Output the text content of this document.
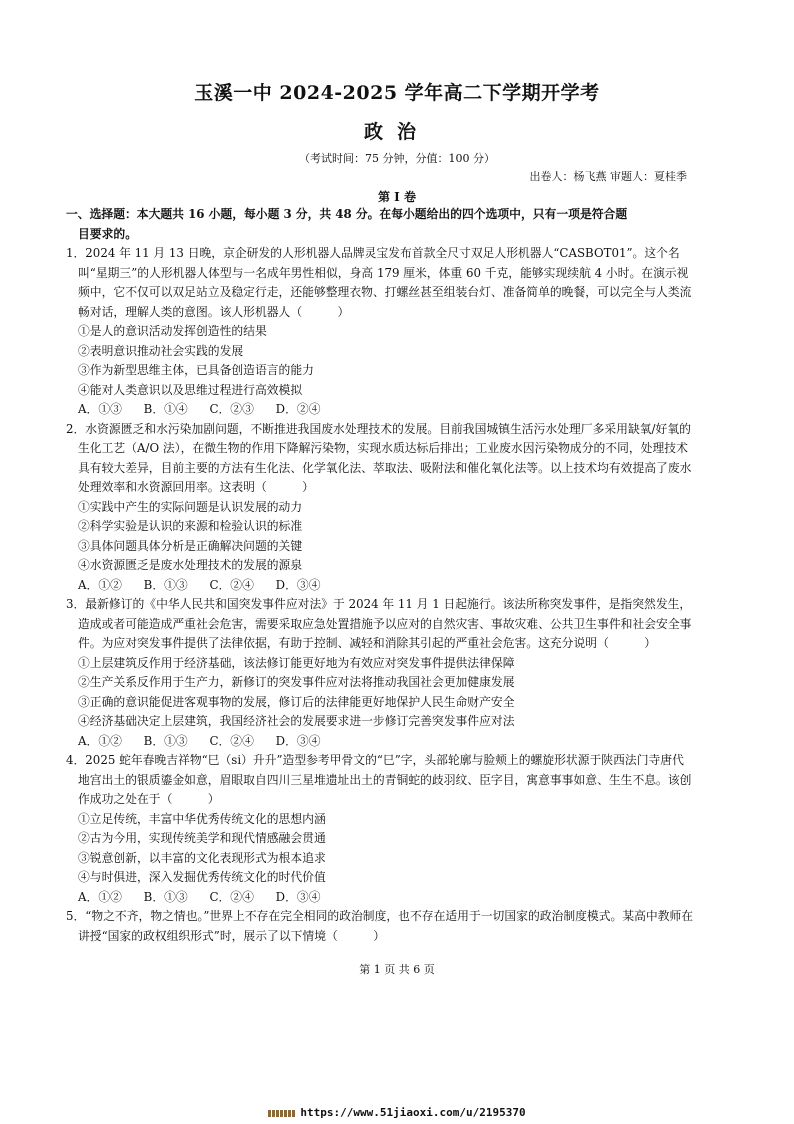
玉溪一中 2024-2025 学年高二下学期开学考
政治
（考试时间：75 分钟，分值：100 分）
出卷人：杨飞燕 审题人：夏桂季
第 I 卷

一、选择题：本大题共 16 小题，每小题 3 分，共 48 分。在每小题给出的四个选项中，只有一项是符合题
目要求的。

1．2024 年 11 月 13 日晚，京企研发的人形机器人品牌灵宝发布首款全尺寸双足人形机器人“CASBOT01”。这个名叫“星期三”的人形机器人体型与一名成年男性相似，身高 179 厘米，体重 60 千克，能够实现续航 4 小时。在演示视频中，它不仅可以双足站立及稳定行走，还能够整理衣物、打螺丝甚至组装台灯、准备简单的晚餐，可以完全与人类流畅对话，理解人类的意图。该人形机器人（　　　）

①是人的意识活动发挥创造性的结果

②表明意识推动社会实践的发展

③作为新型思维主体，已具备创造语言的能力

④能对人类意识以及思维过程进行高效模拟

A．①③ B．①④ C．②③ D．②④

2．水资源匮乏和水污染加剧问题，不断推进我国废水处理技术的发展。目前我国城镇生活污水处理厂多采用缺氧/好氧的生化工艺（A/O 法），在微生物的作用下降解污染物，实现水质达标后排出；工业废水因污染物成分的不同，处理技术具有较大差异，目前主要的方法有生化法、化学氧化法、萃取法、吸附法和催化氧化法等。以上技术均有效提高了废水处理效率和水资源回用率。这表明（　　　）

①实践中产生的实际问题是认识发展的动力

②科学实验是认识的来源和检验认识的标准

③具体问题具体分析是正确解决问题的关键

④水资源匮乏是废水处理技术的发展的源泉

A．①② B．①③ C．②④ D．③④

3．最新修订的《中华人民共和国突发事件应对法》于 2024 年 11 月 1 日起施行。该法所称突发事件，是指突然发生，造成或者可能造成严重社会危害，需要采取应急处置措施予以应对的自然灾害、事故灾难、公共卫生事件和社会安全事件。为应对突发事件提供了法律依据，有助于控制、减轻和消除其引起的严重社会危害。这充分说明（　　　）

①上层建筑反作用于经济基础，该法修订能更好地为有效应对突发事件提供法律保障

②生产关系反作用于生产力，新修订的突发事件应对法将推动我国社会更加健康发展

③正确的意识能促进客观事物的发展，修订后的法律能更好地保护人民生命财产安全

④经济基础决定上层建筑，我国经济社会的发展要求进一步修订完善突发事件应对法

A．①② B．①③ C．②④ D．③④

4．2025 蛇年春晚吉祥物“巳（si）升升”造型参考甲骨文的“巳”字，头部轮廓与脸颊上的螺旋形状源于陕西法门寺唐代地宫出土的银质鎏金如意，眉眼取自四川三星堆遗址出土的青铜蛇的歧羽纹、臣字目，寓意事事如意、生生不息。该创作成功之处在于（　　　）

①立足传统，丰富中华优秀传统文化的思想内涵

②古为今用，实现传统美学和现代情感融会贯通

③锐意创新，以丰富的文化表现形式为根本追求

④与时俱进，深入发掘优秀传统文化的时代价值

A．①② B．①③ C．②④ D．③④

5．“物之不齐，物之情也。”世界上不存在完全相同的政治制度，也不存在适用于一切国家的政治制度模式。某高中教师在讲授“国家的政权组织形式”时，展示了以下情境（　　　）

第 1 页 共 6 页
https://www.51jiaoxi.com/u/2195370
